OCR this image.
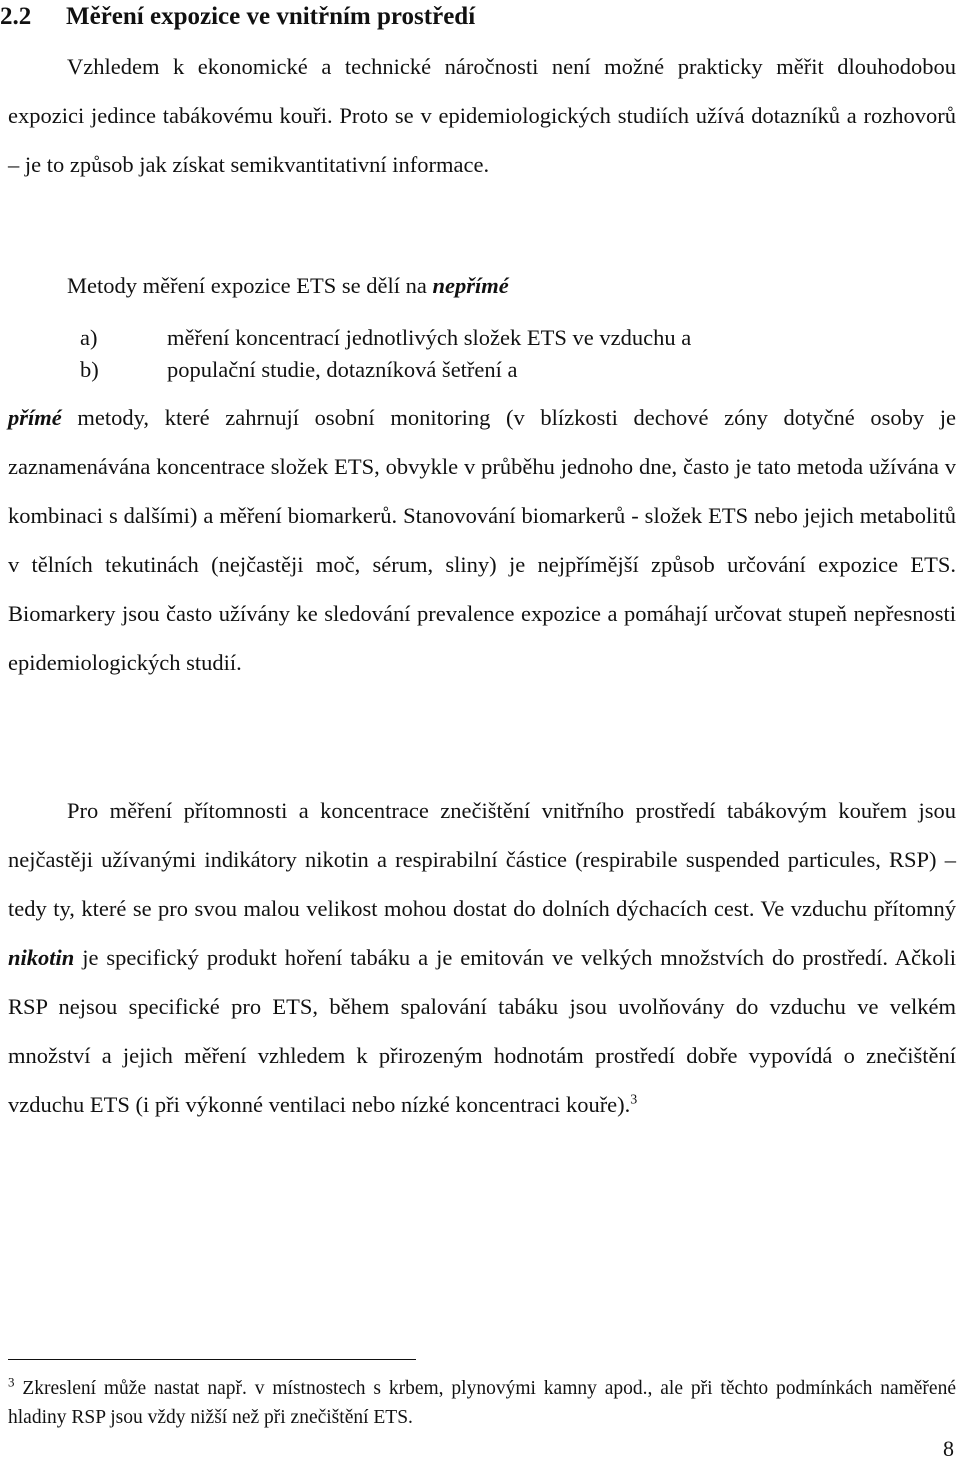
2.2 Měření expozice ve vnitřním prostředí
Vzhledem k ekonomické a technické náročnosti není možné prakticky měřit dlouhodobou expozici jedince tabákovému kouři. Proto se v epidemiologických studiích užívá dotazníků a rozhovorů – je to způsob jak získat semikvantitativní informace.
Metody měření expozice ETS se dělí na nepřímé
a)	měření koncentrací jednotlivých složek ETS ve vzduchu a
b)	populační studie, dotazníková šetření a
přímé metody, které zahrnují osobní monitoring (v blízkosti dechové zóny dotyčné osoby je zaznamenávána koncentrace složek ETS, obvykle v průběhu jednoho dne, často je tato metoda užívána v kombinaci s dalšími) a měření biomarkerů. Stanovování biomarkerů - složek ETS nebo jejich metabolitů v tělních tekutinách (nejčastěji moč, sérum, sliny) je nejpřímější způsob určování expozice ETS. Biomarkery jsou často užívány ke sledování prevalence expozice a pomáhají určovat stupeň nepřesnosti epidemiologických studií.
Pro měření přítomnosti a koncentrace znečištění vnitřního prostředí tabákovým kouřem jsou nejčastěji užívanými indikátory nikotin a respirabilní částice (respirabile suspended particules, RSP) – tedy ty, které se pro svou malou velikost mohou dostat do dolních dýchacích cest. Ve vzduchu přítomný nikotin je specifický produkt hoření tabáku a je emitován ve velkých množstvích do prostředí. Ačkoli RSP nejsou specifické pro ETS, během spalování tabáku jsou uvolňovány do vzduchu ve velkém množství a jejich měření vzhledem k přirozeným hodnotám prostředí dobře vypovídá o znečištění vzduchu ETS (i při výkonné ventilaci nebo nízké koncentraci kouře).$^3$
$^3$ Zkreslení může nastat např. v místnostech s krbem, plynovými kamny apod., ale při těchto podmínkách naměřené hladiny RSP jsou vždy nižší než při znečištění ETS.
8
